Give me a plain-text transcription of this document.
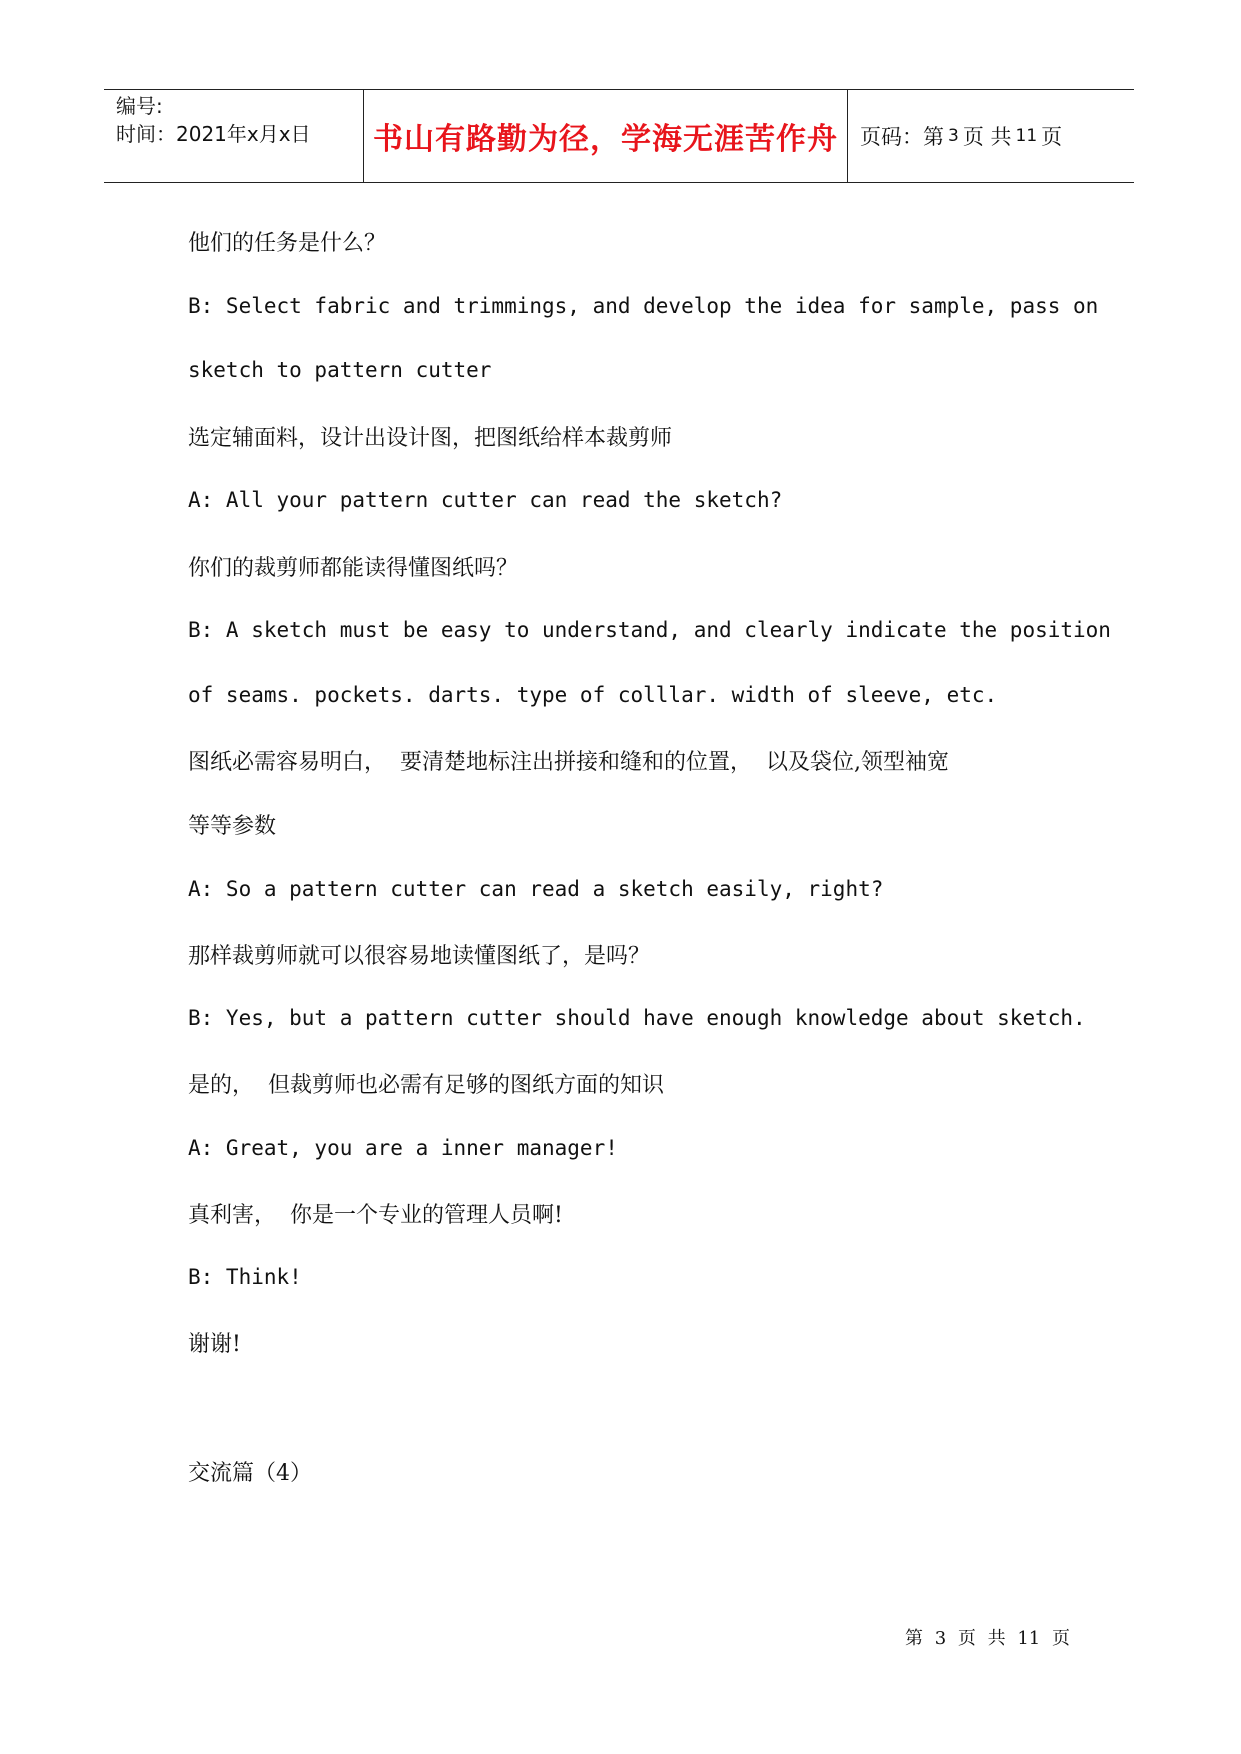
编号:
时间：2021年x月x日	书山有路勤为径，学海无涯苦作舟 页码：第 3 页 共 11 页
他们的任务是什么？
B: Select fabric and trimmings, and develop the idea for sample, pass on
sketch to pattern cutter
选定辅面料，设计出设计图，把图纸给样本裁剪师
A: All your pattern cutter can read the sketch?
你们的裁剪师都能读得懂图纸吗？
B: A sketch must be easy to understand, and clearly indicate the position
of seams. pockets. darts. type of colllar. width of sleeve, etc.
图纸必需容易明白，  要清楚地标注出拼接和缝和的位置，  以及袋位,领型袖宽
等等参数
A: So a pattern cutter can read a sketch easily, right?
那样裁剪师就可以很容易地读懂图纸了，是吗？
B: Yes, but a pattern cutter should have enough knowledge about sketch.
是的，  但裁剪师也必需有足够的图纸方面的知识
A: Great, you are a inner manager!
真利害，  你是一个专业的管理人员啊!
B: Think!
谢谢!
交流篇（4）
第 3 页 共 11 页
